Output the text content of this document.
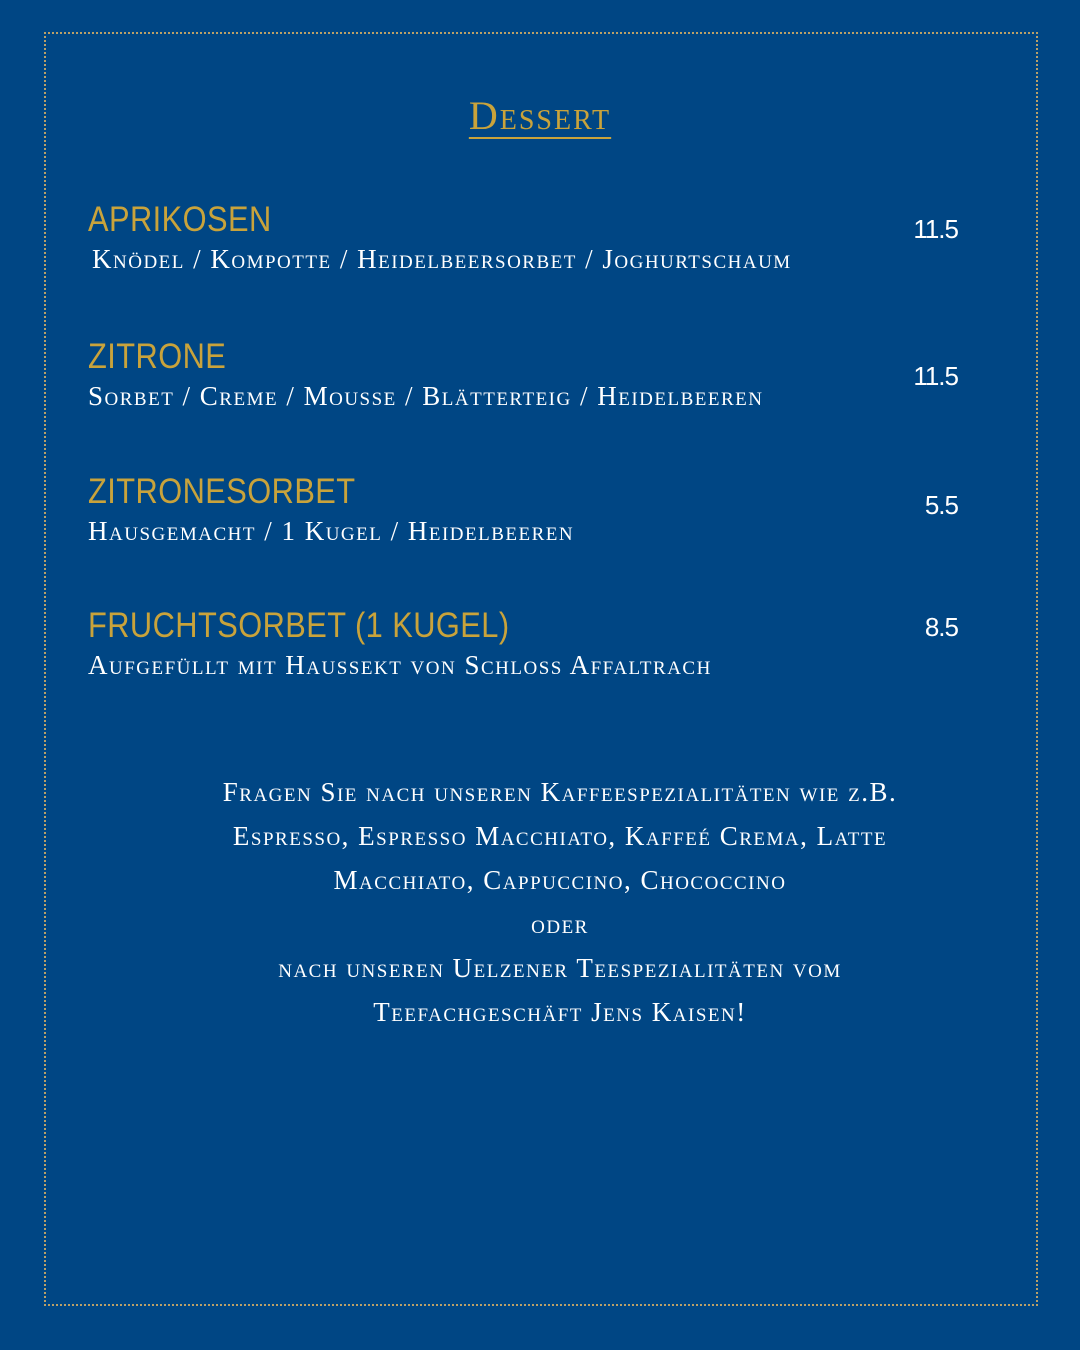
Dessert
11.5
APRIKOSEN
Knödel / Kompotte / Heidelbeersorbet / Joghurtschaum
11.5
ZITRONE
Sorbet / Creme / Mousse / Blätterteig / Heidelbeeren
5.5
ZITRONESORBET
Hausgemacht / 1 Kugel / Heidelbeeren
8.5
FRUCHTSORBET (1 KUGEL)
Aufgefüllt mit Haussekt von Schloss Affaltrach
Fragen Sie nach unseren Kaffeespezialitäten wie z.B.
Espresso, Espresso Macchiato, Kaffeé Crema, Latte
Macchiato, Cappuccino, Chococcino
oder
nach unseren Uelzener Teespezialitäten vom
Teefachgeschäft Jens Kaisen!
